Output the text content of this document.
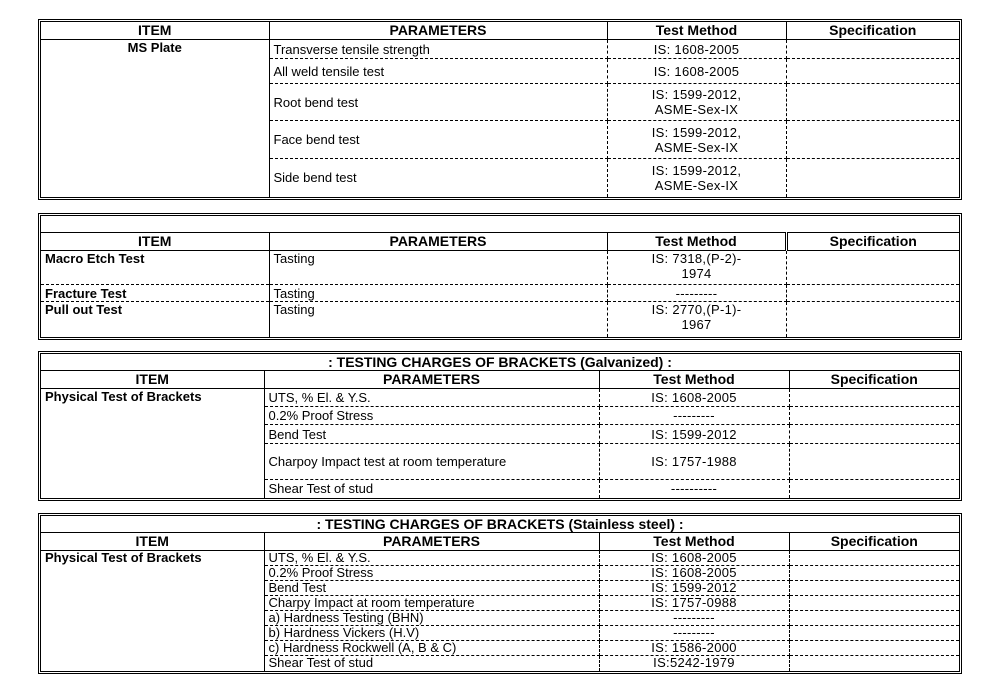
ITEM	PARAMETERS	Test Method	Specification
MS Plate	Transverse tensile strength	IS: 1608-2005	
	All weld tensile test	IS: 1608-2005	
	Root bend test	IS: 1599-2012,
ASME-Sex-IX	

	Face bend test	IS: 1599-2012,
ASME-Sex-IX	

	Side bend test	IS: 1599-2012,
ASME-Sex-IX	

ITEM	PARAMETERS	Test Method	Specification
Macro Etch Test	Tasting	IS: 7318,(P-2)-
1974	

Fracture Test	Tasting	---------	
Pull out Test	Tasting	IS: 2770,(P-1)-
1967	

: TESTING CHARGES OF BRACKETS (Galvanized) :			
ITEM	PARAMETERS	Test Method	Specification
Physical Test of Brackets	UTS, % El. & Y.S.	IS: 1608-2005	
	0.2% Proof Stress	---------	
	Bend Test	IS: 1599-2012	
	Charpoy Impact test at room temperature	IS: 1757-1988	
	Shear Test of stud	----------	
: TESTING CHARGES OF BRACKETS (Stainless steel) :			
ITEM	PARAMETERS	Test Method	Specification
Physical Test of Brackets	UTS, % El. & Y.S.	IS: 1608-2005	
	0.2% Proof Stress	IS: 1608-2005	
	Bend Test	IS: 1599-2012	
	Charpy Impact at room temperature	IS: 1757-0988	
	a) Hardness Testing (BHN)	---------	
	b) Hardness Vickers (H.V)	---------	
	c) Hardness Rockwell (A, B & C)	IS: 1586-2000	
	Shear Test of stud	IS:5242-1979	
